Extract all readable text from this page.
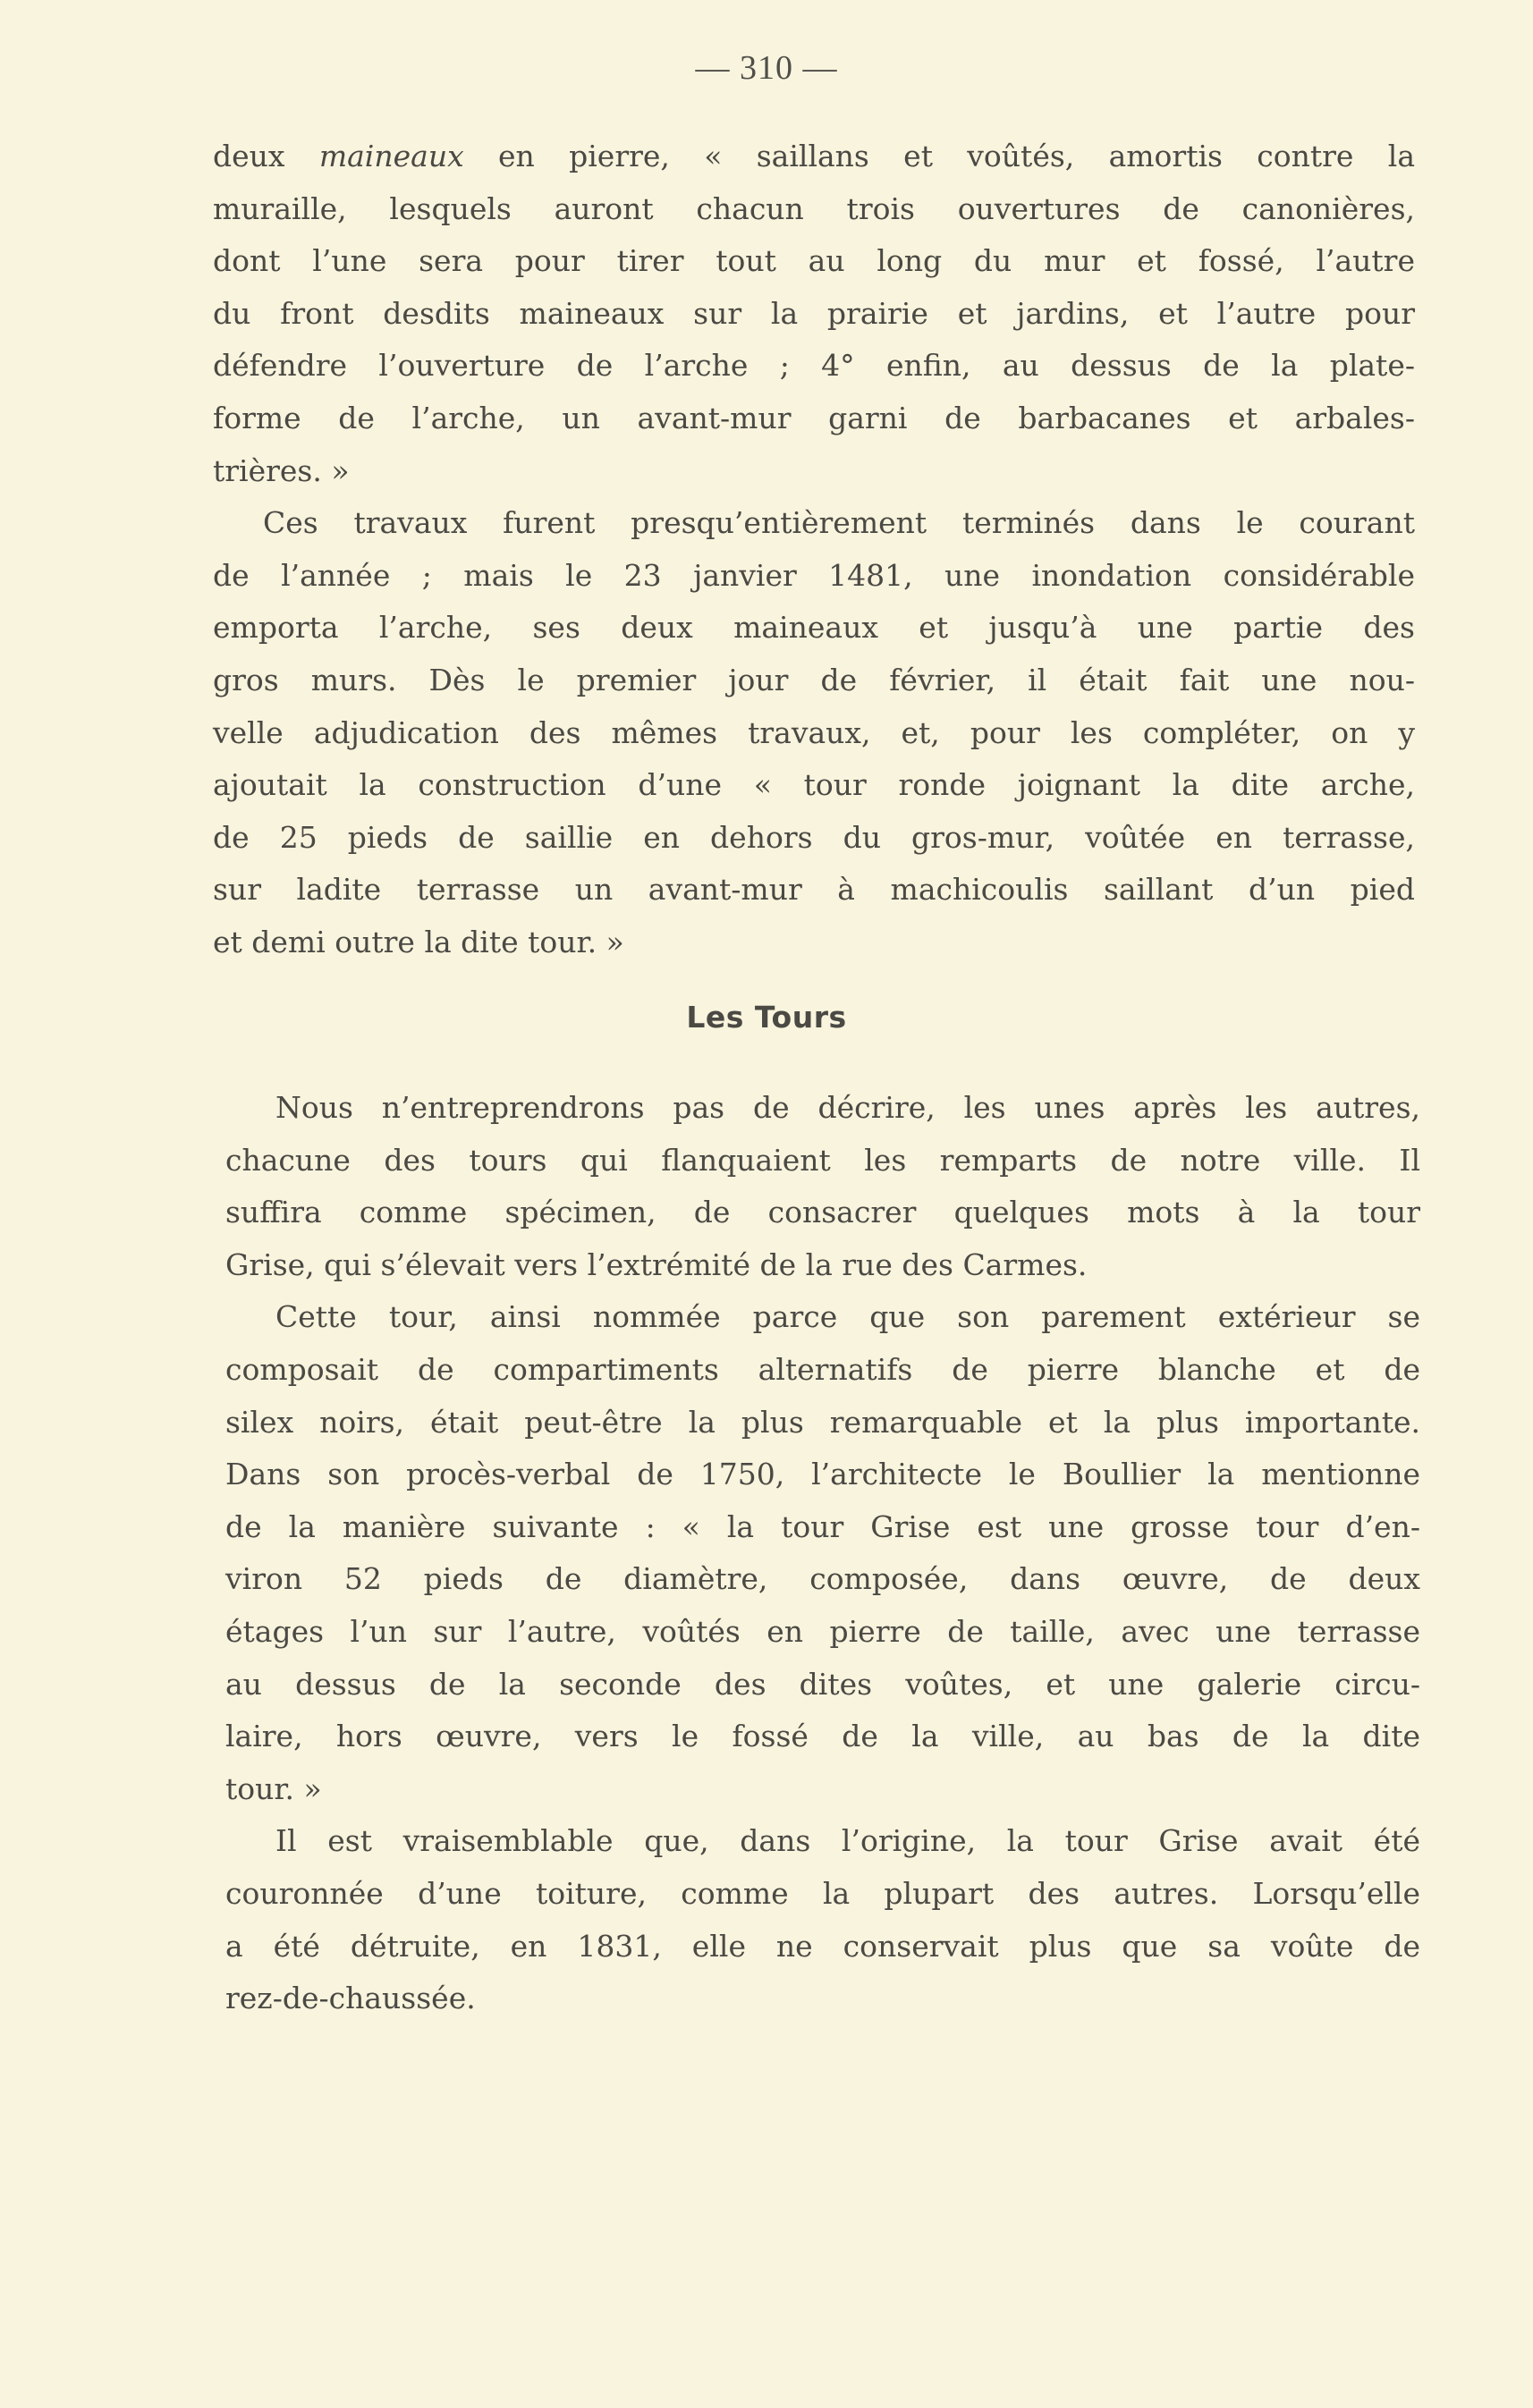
— 310 —
deux maineaux en pierre, « saillans et voûtés, amortis contre la
muraille, lesquels auront chacun trois ouvertures de canonières,
dont l’une sera pour tirer tout au long du mur et fossé, l’autre
du front desdits maineaux sur la prairie et jardins, et l’autre pour
défendre l’ouverture de l’arche ; 4° enfin, au dessus de la plate-
forme de l’arche, un avant-mur garni de barbacanes et arbales-
trières. »
Ces travaux furent presqu’entièrement terminés dans le courant
de l’année ; mais le 23 janvier 1481, une inondation considérable
emporta l’arche, ses deux maineaux et jusqu’à une partie des
gros murs. Dès le premier jour de février, il était fait une nou-
velle adjudication des mêmes travaux, et, pour les compléter, on y
ajoutait la construction d’une « tour ronde joignant la dite arche,
de 25 pieds de saillie en dehors du gros-mur, voûtée en terrasse,
sur ladite terrasse un avant-mur à machicoulis saillant d’un pied
et demi outre la dite tour. »
Les Tours
Nous n’entreprendrons pas de décrire, les unes après les autres,
chacune des tours qui flanquaient les remparts de notre ville. Il
suffira comme spécimen, de consacrer quelques mots à la tour
Grise, qui s’élevait vers l’extrémité de la rue des Carmes.
Cette tour, ainsi nommée parce que son parement extérieur se
composait de compartiments alternatifs de pierre blanche et de
silex noirs, était peut-être la plus remarquable et la plus importante.
Dans son procès-verbal de 1750, l’architecte le Boullier la mentionne
de la manière suivante : « la tour Grise est une grosse tour d’en-
viron 52 pieds de diamètre, composée, dans œuvre, de deux
étages l’un sur l’autre, voûtés en pierre de taille, avec une terrasse
au dessus de la seconde des dites voûtes, et une galerie circu-
laire, hors œuvre, vers le fossé de la ville, au bas de la dite
tour. »
Il est vraisemblable que, dans l’origine, la tour Grise avait été
couronnée d’une toiture, comme la plupart des autres. Lorsqu’elle
a été détruite, en 1831, elle ne conservait plus que sa voûte de
rez-de-chaussée.
